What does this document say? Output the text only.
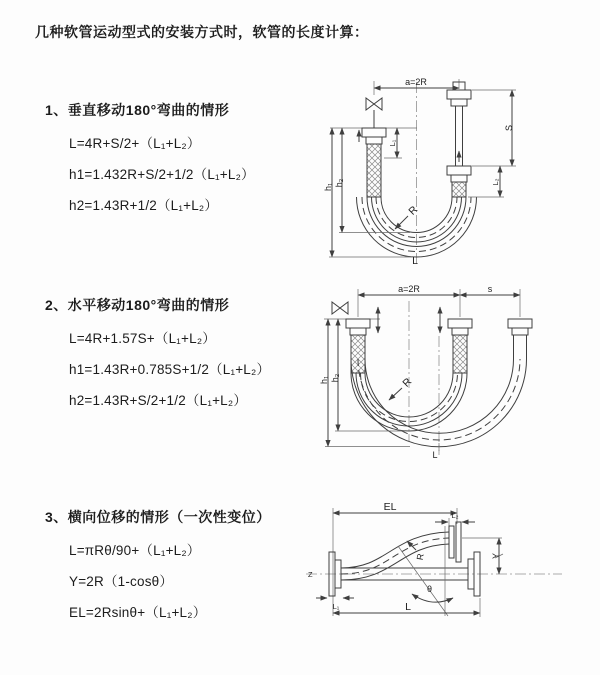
几种软管运动型式的安装方式时，软管的长度计算：
1、垂直移动180°弯曲的情形
L=4R+S/2+（L₁+L₂）
h1=1.432R+S/2+1/2（L₁+L₂）
h2=1.43R+1/2（L₁+L₂）
2、水平移动180°弯曲的情形
L=4R+1.57S+（L₁+L₂）
h1=1.43R+0.785S+1/2（L₁+L₂）
h2=1.43R+S/2+1/2（L₁+L₂）
3、横向位移的情形（一次性变位）
L=πRθ/90+（L₁+L₂）
Y=2R（1-cosθ）
EL=2Rsinθ+（L₁+L₂）
a=2R
S
L₂
L₁
h₁ h₂
R
L
a=2R	s
h₁ h₂	R
L
EL
L₂
Y
R
θ
L
L₁
Z
